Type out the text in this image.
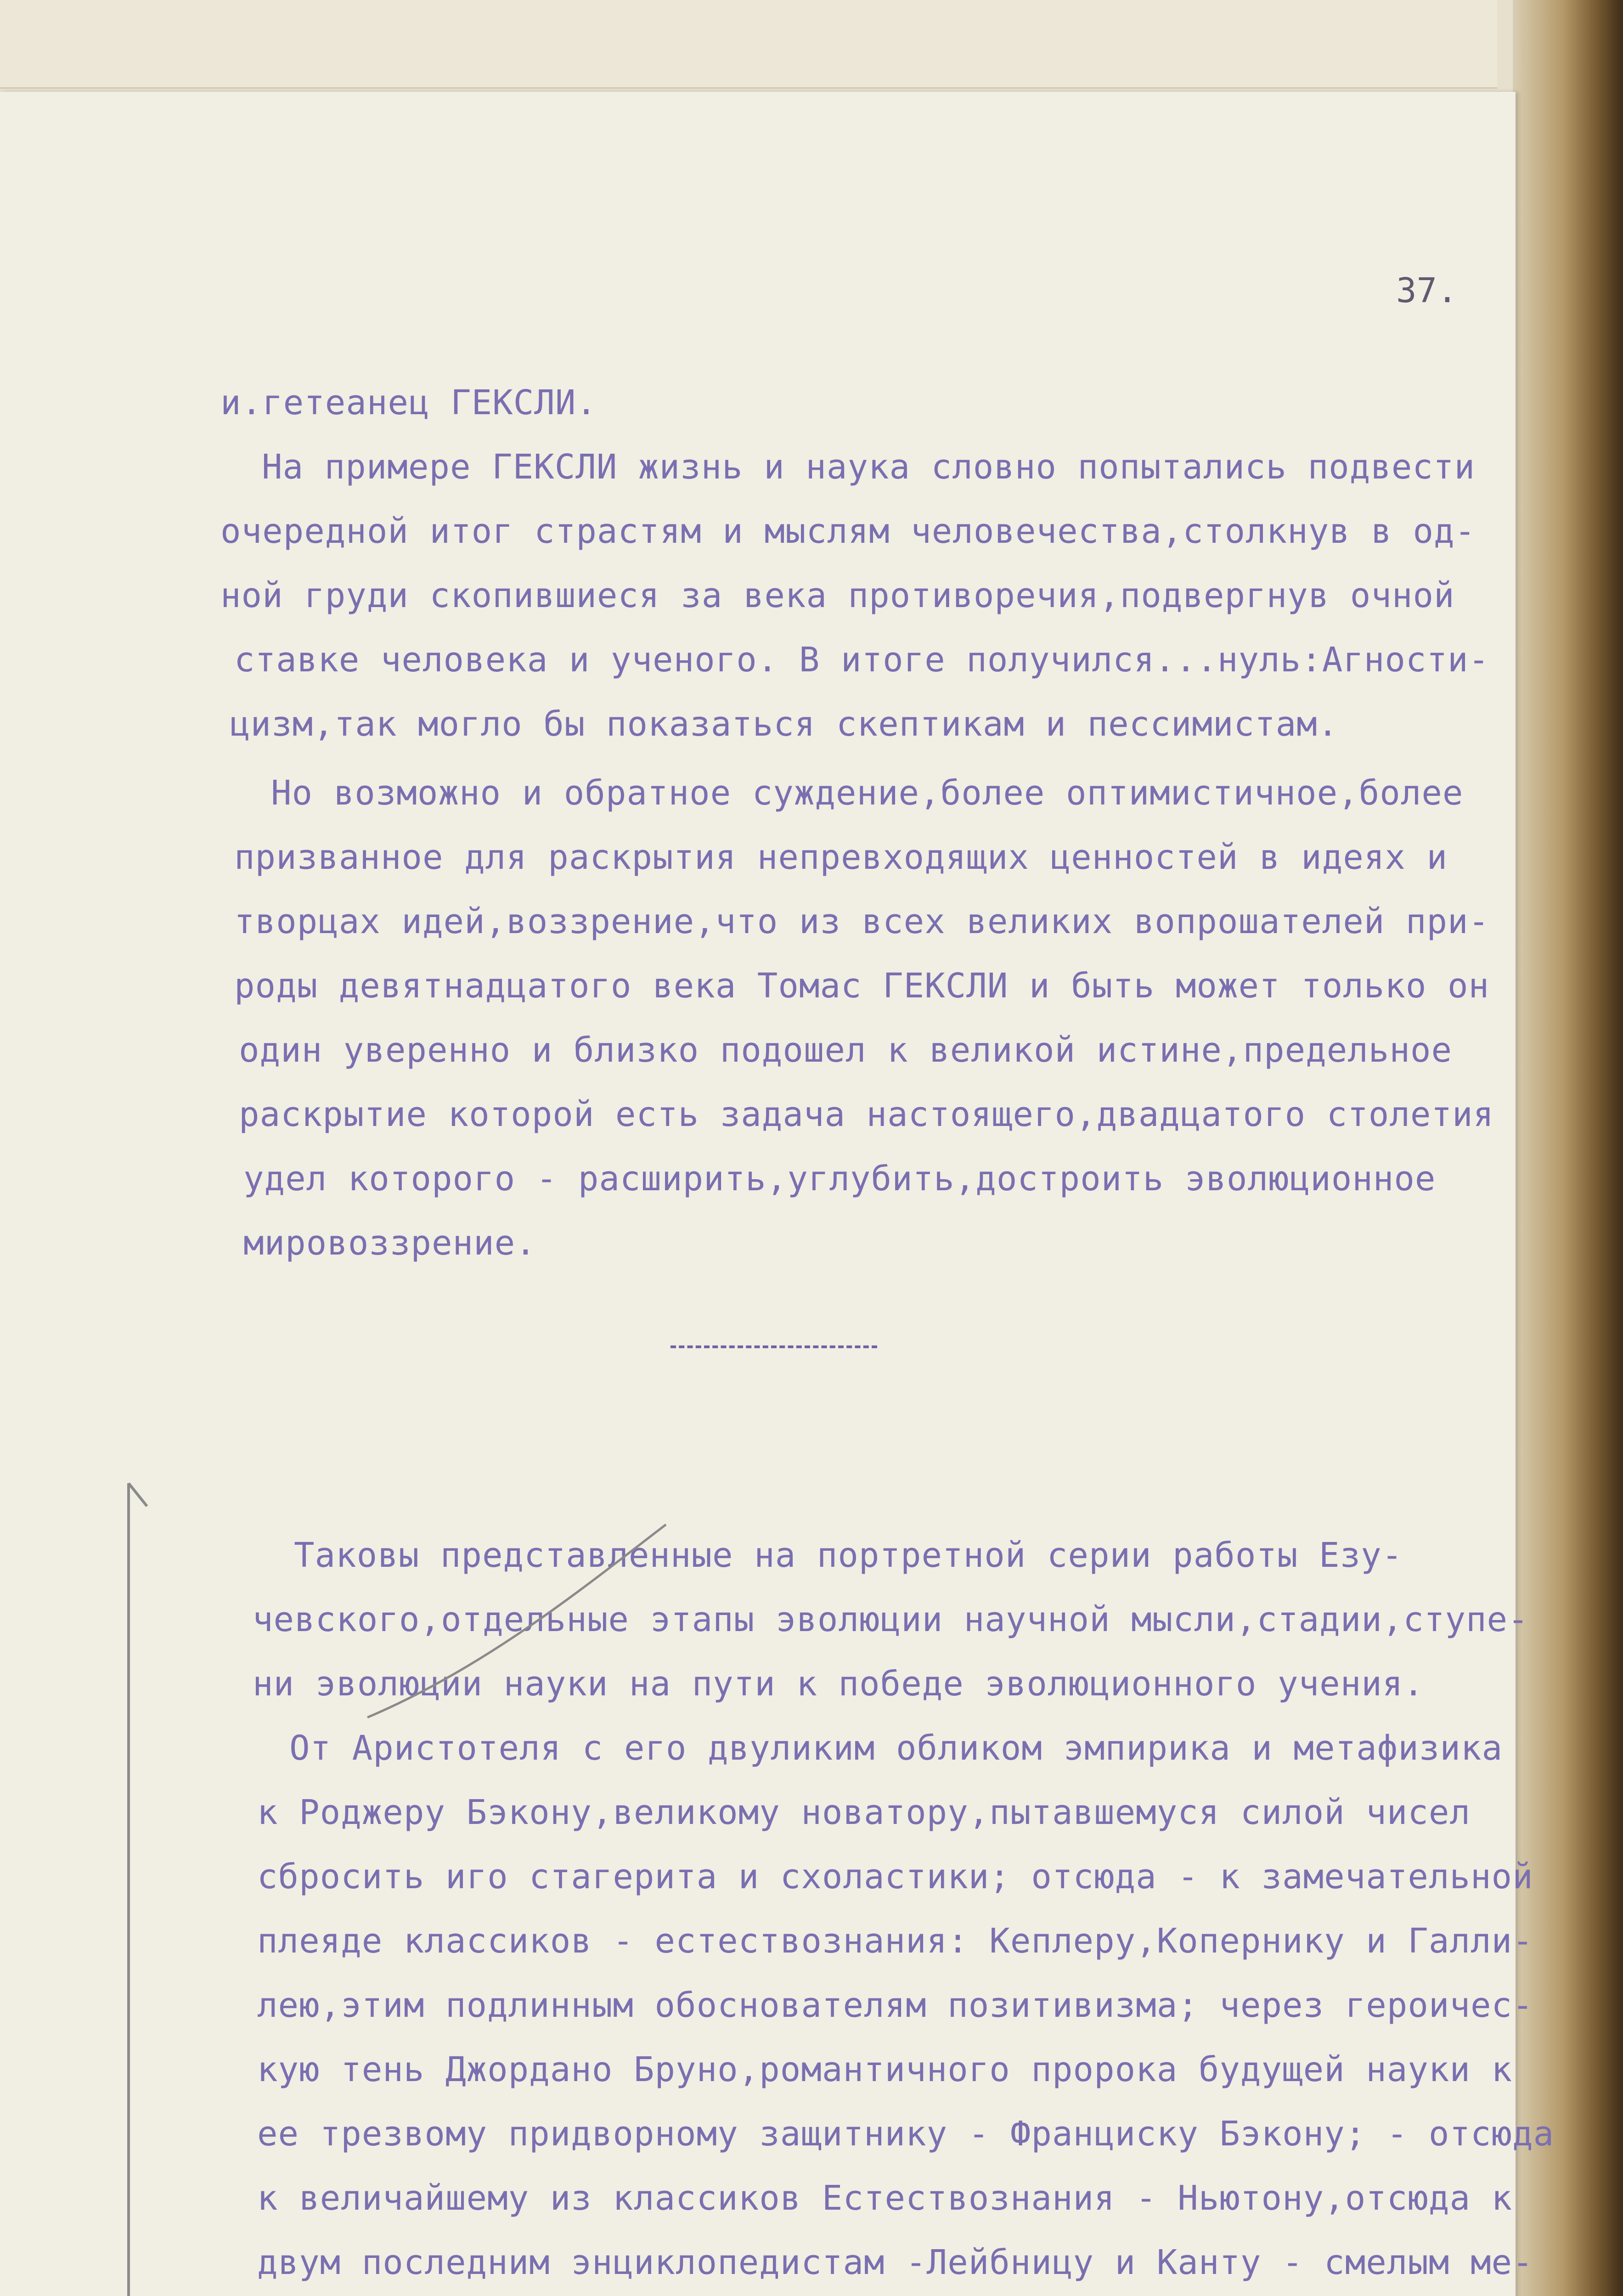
37.
и.гетеанец ГЕКСЛИ.
На примере ГЕКСЛИ жизнь и наука словно попытались подвести
очередной итог страстям и мыслям человечества,столкнув в од-
ной груди скопившиеся за века противоречия,подвергнув очной
ставке человека и ученого. В итоге получился...нуль:Агности-
цизм,так могло бы показаться скептикам и пессимистам.
Но возможно и обратное суждение,более оптимистичное,более
призванное для раскрытия непревходящих ценностей в идеях и
творцах идей,воззрение,что из всех великих вопрошателей при-
роды девятнадцатого века Томас ГЕКСЛИ и быть может только он
один уверенно и близко подошел к великой истине,предельное
раскрытие которой есть задача настоящего,двадцатого столетия
удел которого - расширить,углубить,достроить эволюционное
мировоззрение.
Таковы представленные на портретной серии работы Езу-
чевского,отдельные этапы эволюции научной мысли,стадии,ступе-
ни эволюции науки на пути к победе эволюционного учения.
От Аристотеля с его двуликим обликом эмпирика и метафизика
к Роджеру Бэкону,великому новатору,пытавшемуся силой чисел
сбросить иго стагерита и схоластики; отсюда - к замечательной
плеяде классиков - естествознания: Кеплеру,Копернику и Галли-
лею,этим подлинным обоснователям позитивизма; через героичес-
кую тень Джордано Бруно,романтичного пророка будущей науки к
ее трезвому придворному защитнику - Франциску Бэкону; - отсюда
к величайшему из классиков Естествознания - Ньютону,отсюда к
двум последним энциклопедистам -Лейбницу и Канту - смелым ме-
